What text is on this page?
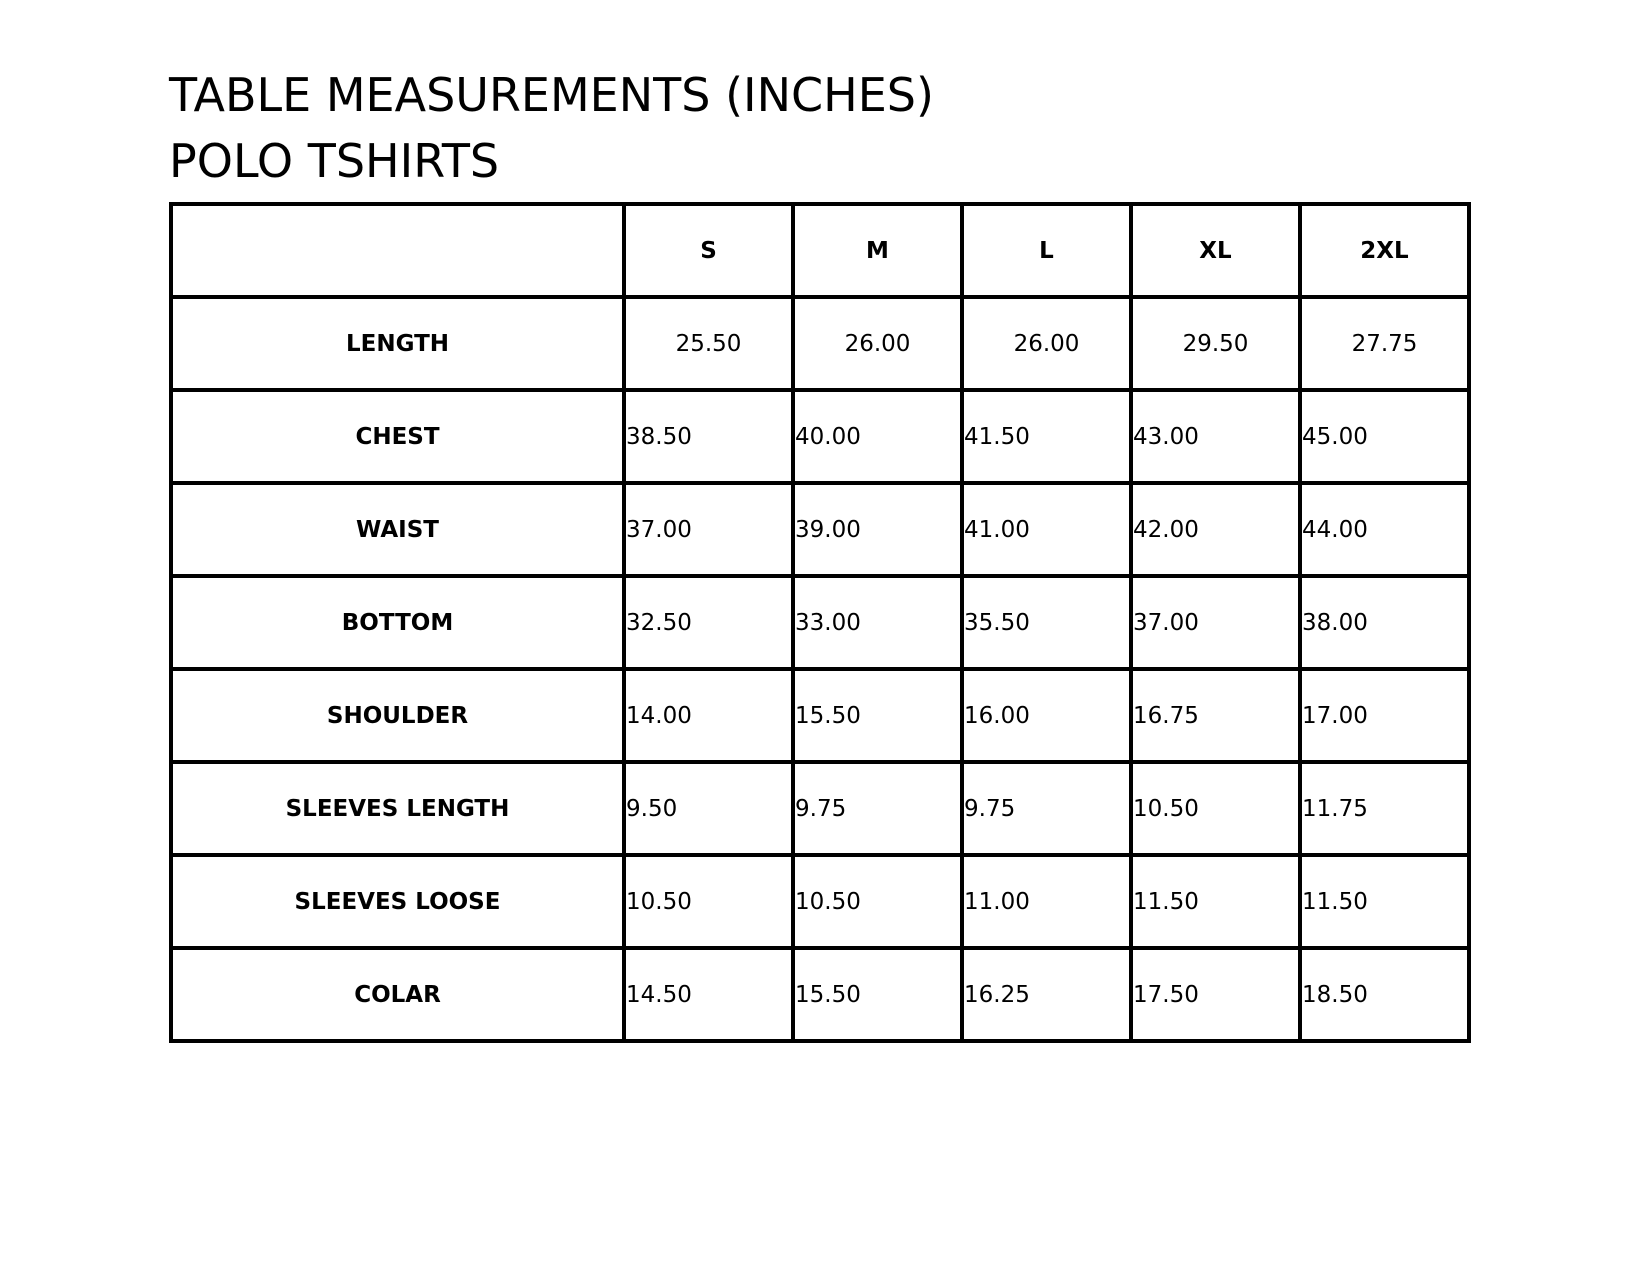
TABLE MEASUREMENTS (INCHES)
POLO TSHIRTS
	S	M	L	XL	2XL
LENGTH	25.50	26.00	26.00	29.50	27.75
CHEST	38.50	40.00	41.50	43.00	45.00
WAIST	37.00	39.00	41.00	42.00	44.00
BOTTOM	32.50	33.00	35.50	37.00	38.00
SHOULDER	14.00	15.50	16.00	16.75	17.00
SLEEVES LENGTH	9.50	9.75	9.75	10.50	11.75
SLEEVES LOOSE	10.50	10.50	11.00	11.50	11.50
COLAR	14.50	15.50	16.25	17.50	18.50
